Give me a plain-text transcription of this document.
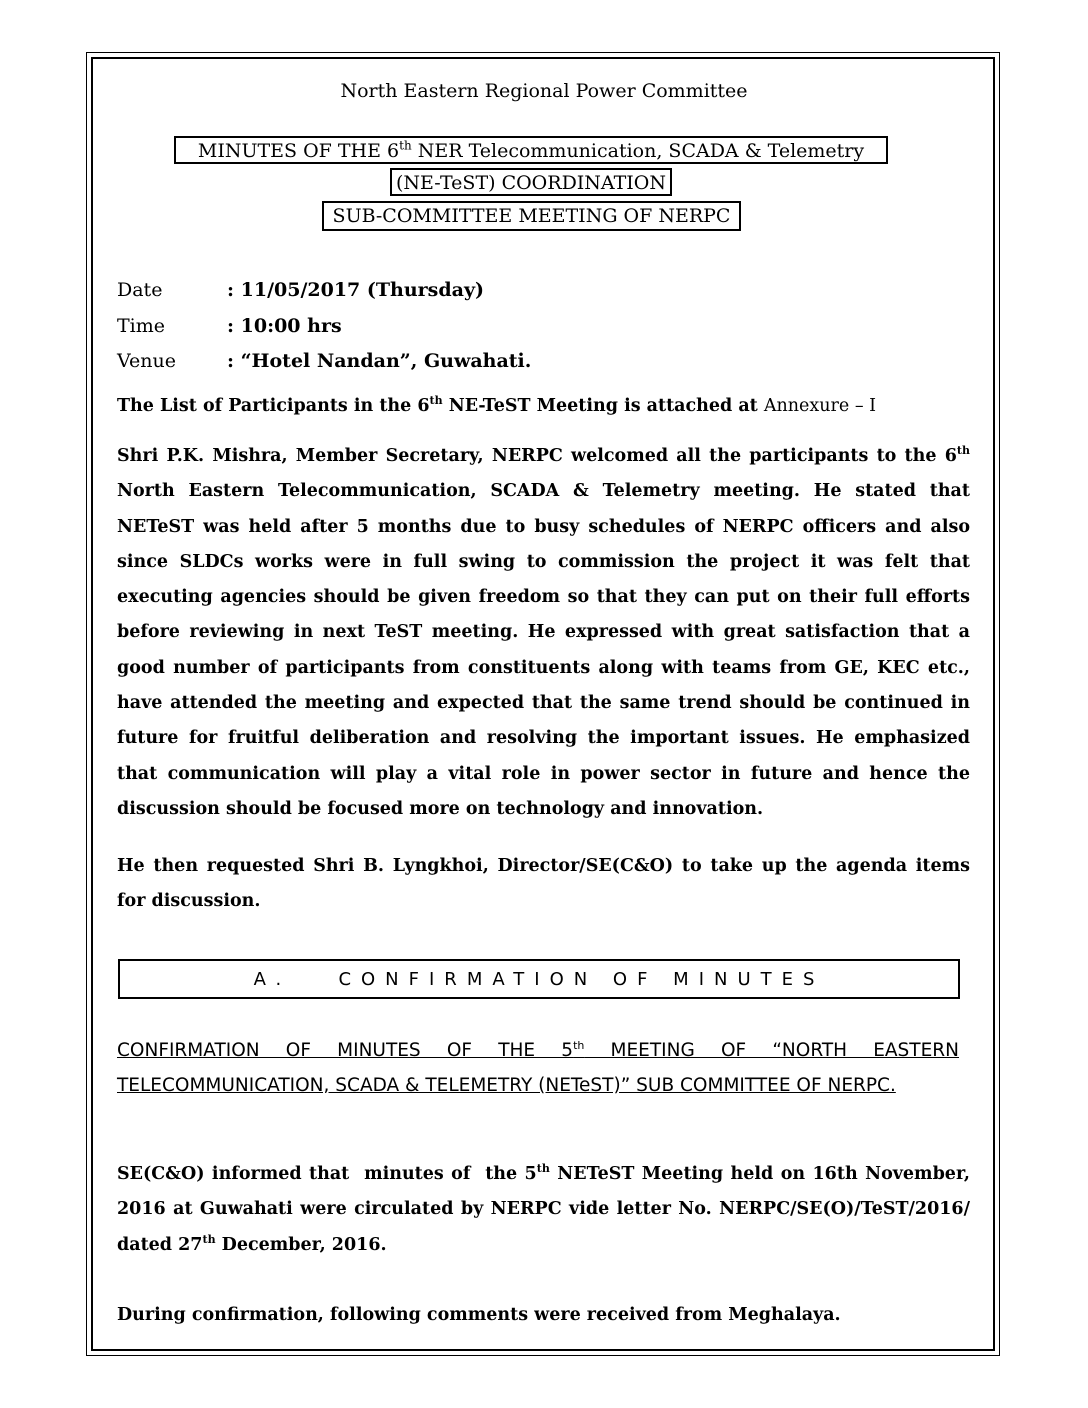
North Eastern Regional Power Committee
MINUTES OF THE 6th NER Telecommunication, SCADA & Telemetry
(NE-TeST) COORDINATION
SUB-COMMITTEE MEETING OF NERPC
Date	: 11/05/2017 (Thursday)
Time	: 10:00 hrs
Venue	: “Hotel Nandan”, Guwahati.
The List of Participants in the 6th NE-TeST Meeting is attached at Annexure – I
Shri P.K. Mishra, Member Secretary, NERPC welcomed all the participants to the 6th North Eastern Telecommunication, SCADA & Telemetry meeting. He stated that NETeST was held after 5 months due to busy schedules of NERPC officers and also since SLDCs works were in full swing to commission the project it was felt that executing agencies should be given freedom so that they can put on their full efforts before reviewing in next TeST meeting. He expressed with great satisfaction that a good number of participants from constituents along with teams from GE, KEC etc., have attended the meeting and expected that the same trend should be continued in future for fruitful deliberation and resolving the important issues. He emphasized that communication will play a vital role in power sector in future and hence the discussion should be focused more on technology and innovation.
He then requested Shri B. Lyngkhoi, Director/SE(C&O) to take up the agenda items for discussion.
A.   CONFIRMATION OF MINUTES
CONFIRMATION OF MINUTES OF THE 5th MEETING OF “NORTH EASTERN TELECOMMUNICATION, SCADA & TELEMETRY (NETeST)” SUB COMMITTEE OF NERPC.
SE(C&O) informed that  minutes of  the 5th NETeST Meeting held on 16th November, 2016 at Guwahati were circulated by NERPC vide letter No. NERPC/SE(O)/TeST/2016/ dated 27th December, 2016.
During confirmation, following comments were received from Meghalaya.
